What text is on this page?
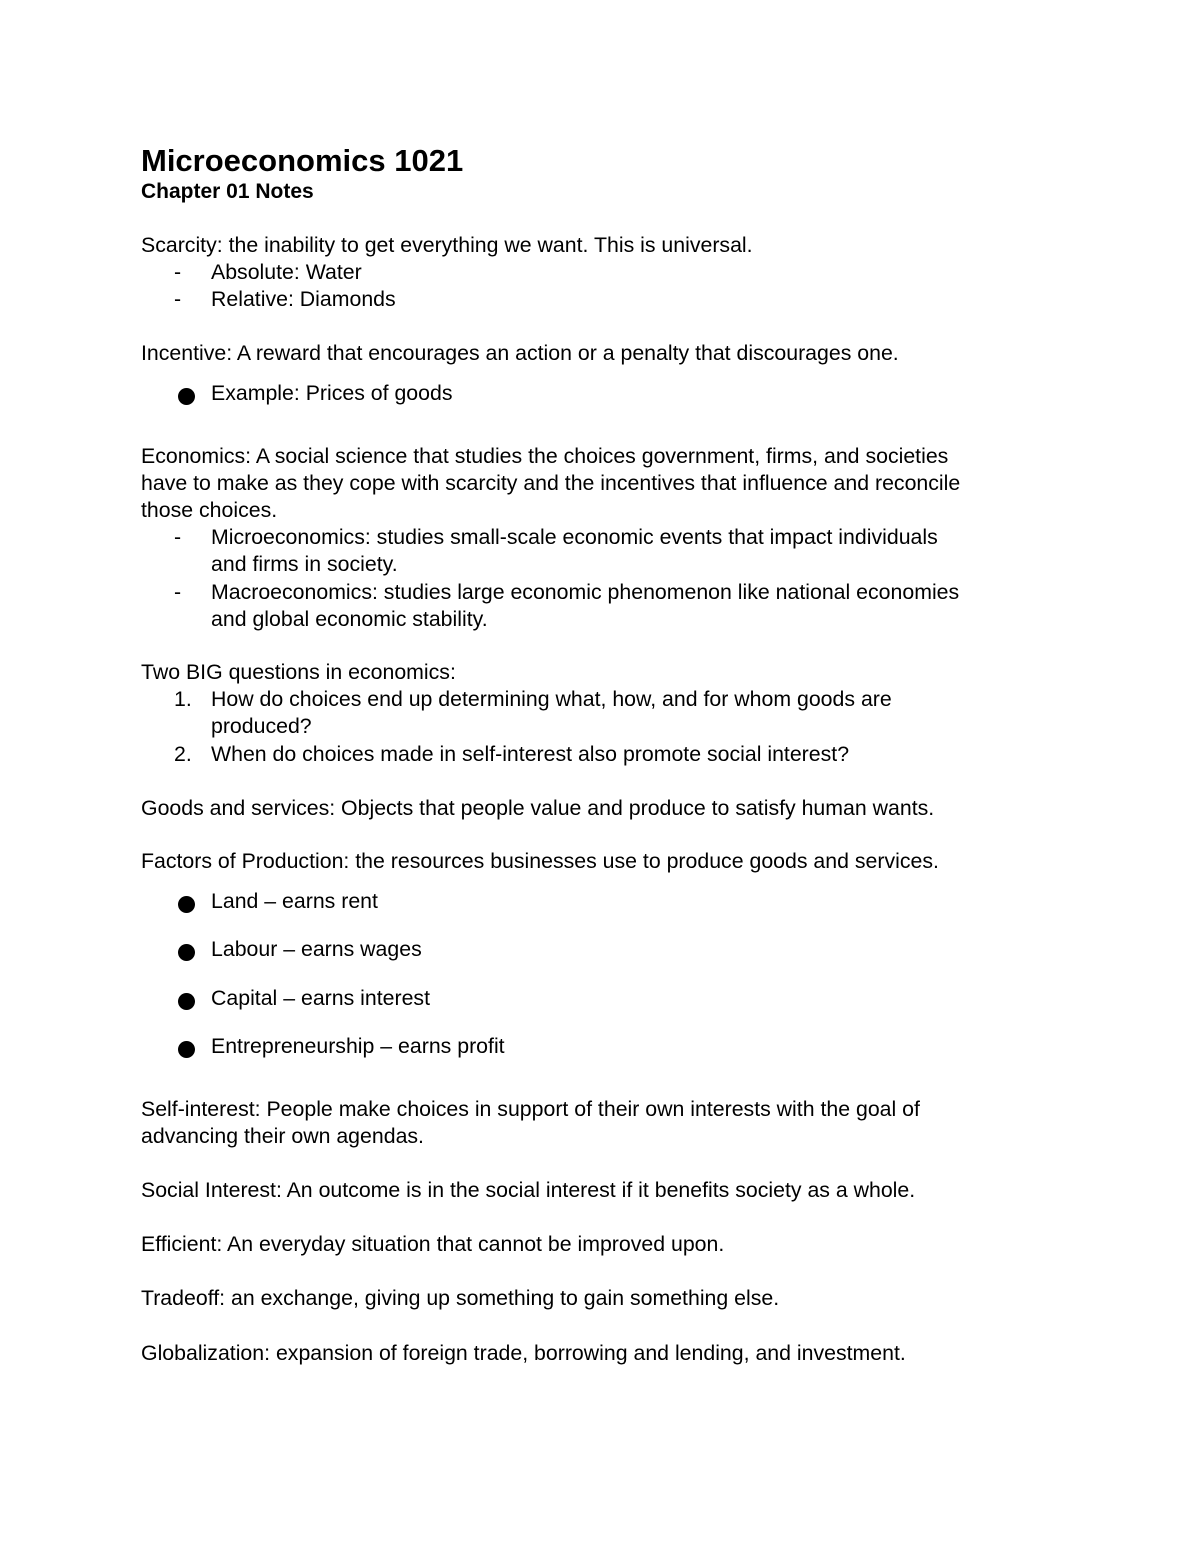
Microeconomics 1021
Chapter 01 Notes
Scarcity: the inability to get everything we want. This is universal.
- Absolute: Water
- Relative: Diamonds
Incentive: A reward that encourages an action or a penalty that discourages one.
Example: Prices of goods
Economics: A social science that studies the choices government, firms, and societies
have to make as they cope with scarcity and the incentives that influence and reconcile
those choices.
- Microeconomics: studies small-scale economic events that impact individuals
and firms in society.
- Macroeconomics: studies large economic phenomenon like national economies
and global economic stability.
Two BIG questions in economics:
1. How do choices end up determining what, how, and for whom goods are
produced?
2. When do choices made in self-interest also promote social interest?
Goods and services: Objects that people value and produce to satisfy human wants.
Factors of Production: the resources businesses use to produce goods and services.
Land – earns rent
Labour – earns wages
Capital – earns interest
Entrepreneurship – earns profit
Self-interest: People make choices in support of their own interests with the goal of
advancing their own agendas.
Social Interest: An outcome is in the social interest if it benefits society as a whole.
Efficient: An everyday situation that cannot be improved upon.
Tradeoff: an exchange, giving up something to gain something else.
Globalization: expansion of foreign trade, borrowing and lending, and investment.
